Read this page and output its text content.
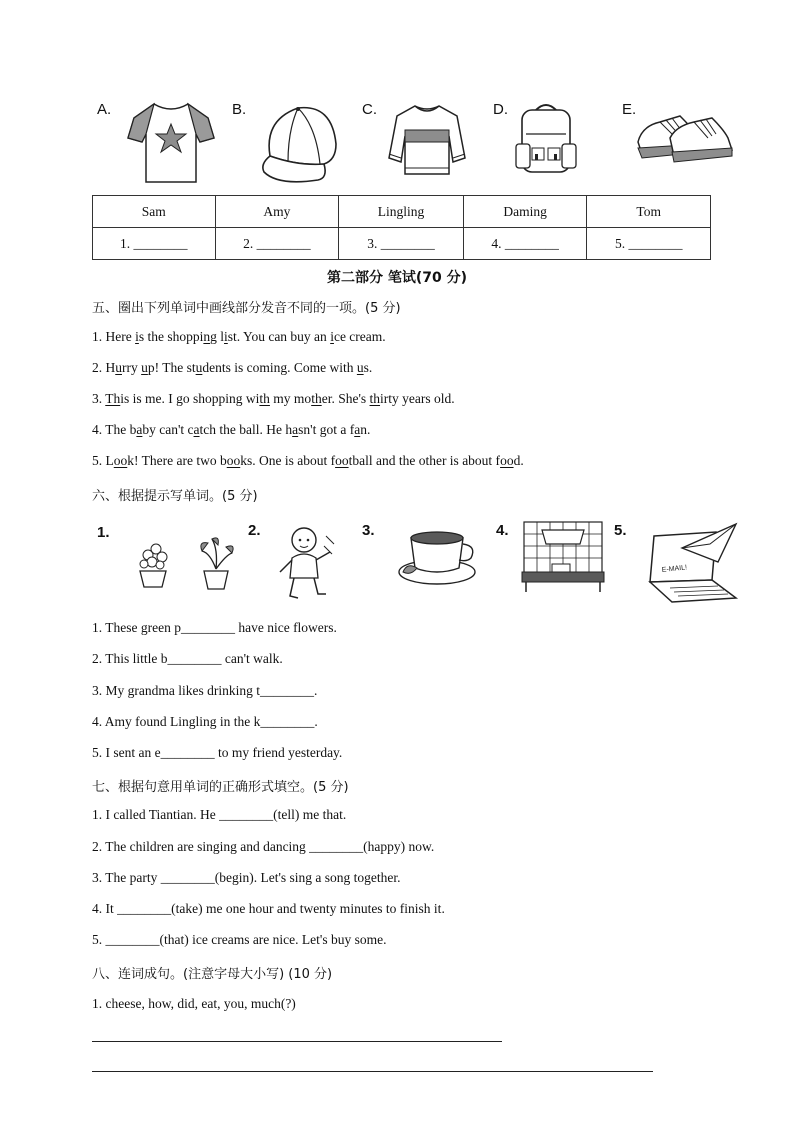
A.	B.	C.	D.	E.
Sam	Amy	Lingling	Daming	Tom
1. ________	2. ________	3. ________	4. ________	5. ________
第二部分 笔试(70 分)
五、圈出下列单词中画线部分发音不同的一项。(5 分)
1. Here is the shopping list. You can buy an ice cream.
2. Hurry up! The students is coming. Come with us.
3. This is me. I go shopping with my mother. She's thirty years old.
4. The baby can't catch the ball. He hasn't got a fan.
5. Look! There are two books. One is about football and the other is about food.
六、根据提示写单词。(5 分)
1.	2.	3.	4.	5.
E-MAIL!
1. These green p________ have nice flowers.
2. This little b________ can't walk.
3. My grandma likes drinking t________.
4. Amy found Lingling in the k________.
5. I sent an e________ to my friend yesterday.
七、根据句意用单词的正确形式填空。(5 分)
1. I called Tiantian. He ________(tell) me that.
2. The children are singing and dancing ________(happy) now.
3. The party ________(begin). Let's sing a song together.
4. It ________(take) me one hour and twenty minutes to finish it.
5. ________(that) ice creams are nice. Let's buy some.
八、连词成句。(注意字母大小写) (10 分)
1. cheese, how, did, eat, you, much(?)
